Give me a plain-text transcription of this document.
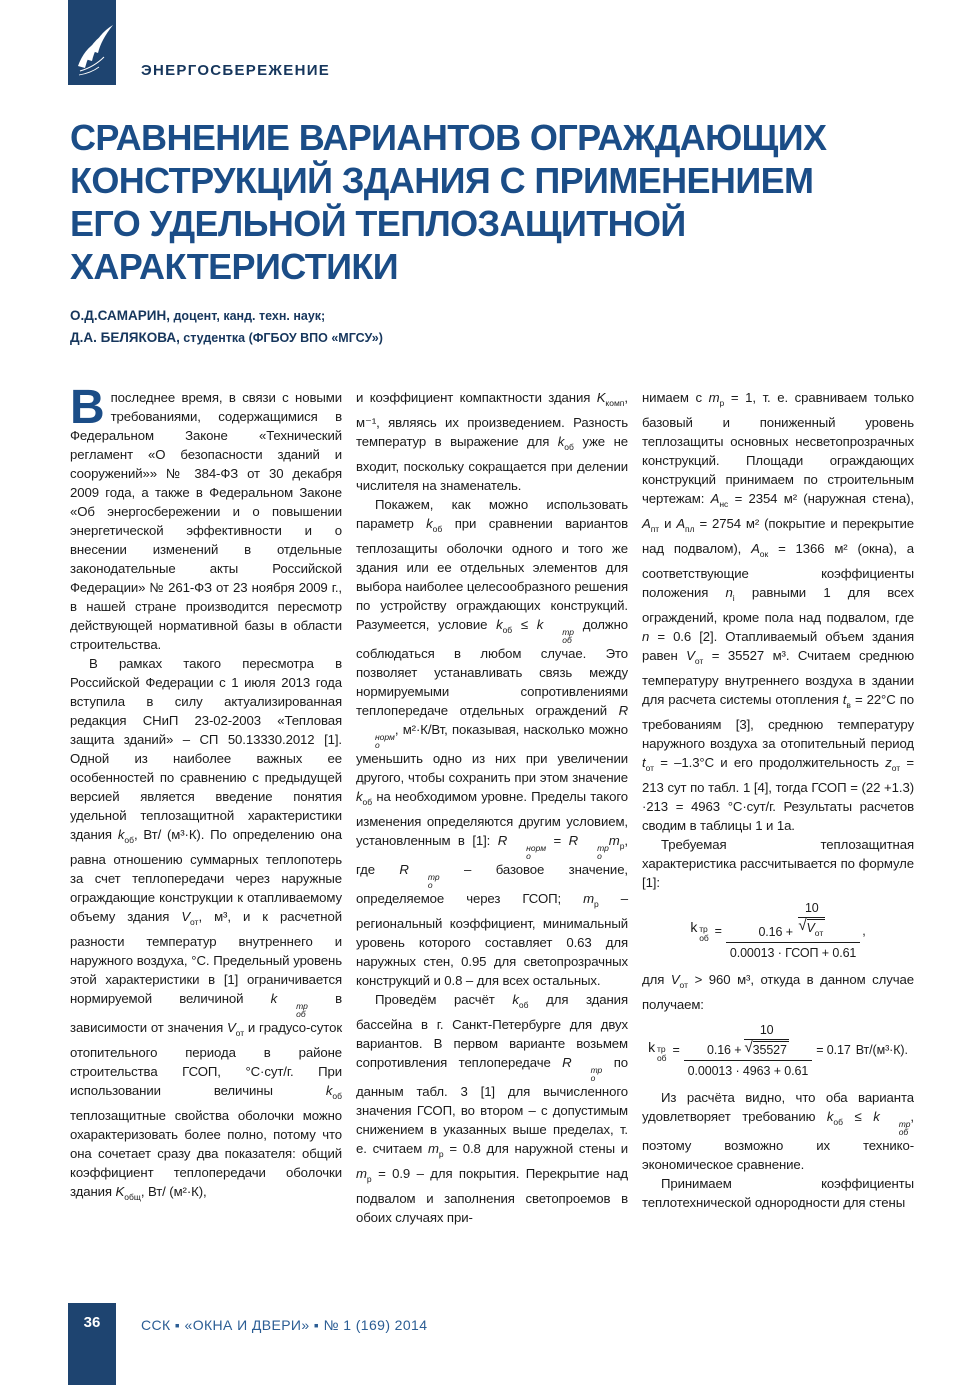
ЭНЕРГОСБЕРЕЖЕНИЕ
СРАВНЕНИЕ ВАРИАНТОВ ОГРАЖДАЮЩИХ
КОНСТРУКЦИЙ ЗДАНИЯ С ПРИМЕНЕНИЕМ
ЕГО УДЕЛЬНОЙ ТЕПЛОЗАЩИТНОЙ
ХАРАКТЕРИСТИКИ
О.Д.САМАРИН, доцент, канд. техн. наук;
Д.А. БЕЛЯКОВА, студентка (ФГБОУ ВПО «МГСУ»)

Впоследнее время, в связи с новыми требованиями, содержащимися в Федеральном Законе «Технический регламент «О безопасности зданий и сооружений»» № 384-ФЗ от 30 декабря 2009 года, а также в Федеральном Законе «Об энергосбережении и о повышении энергетической эффективности и о внесении изменений в отдельные законодательные акты Российской Федерации» № 261-ФЗ от 23 ноября 2009 г., в нашей стране производится пересмотр действующей нормативной базы в области строительства.

В рамках такого пересмотра в Российской Федерации с 1 июля 2013 года вступила в силу актуализированная редакция СНиП 23-02-2003 «Тепловая защита зданий» – СП 50.13330.2012 [1]. Одной из наиболее важных ее особенностей по сравнению с предыдущей версией является введение понятия удельной теплозащитной характеристики здания $k_{об}$, Вт/ (м³·К). По определению она равна отношению суммарных теплопотерь за счет теплопередачи через наружные ограждающие конструкции к отапливаемому объему здания $V_{от}$, м³, и к расчетной разности температур внутреннего и наружного воздуха, °С. Предельный уровень этой характеристики в [1] ограничивается нормируемой величиной k	тр
об
в зависимости от значения $V_{от}$ и градусо-суток отопительного периода в районе строительства ГСОП, °С·сут/г. При использовании величины $k_{об}$ теплозащитные свойства оболочки можно охарактеризовать более полно, потому что она сочетает сразу два показателя: общий коэффициент теплопередачи оболочки здания $K_{общ}$, Вт/ (м²·К),

и коэффициент компактности здания $K_{комп}$, м⁻¹, являясь их произведением. Разность температур в выражение для $k_{об}$ уже не входит, поскольку сокращается при делении числителя на знаменатель.

Покажем, как можно использовать параметр $k_{об}$ при сравнении вариантов теплозащиты оболочки одного и того же здания или ее отдельных элементов для выбора наиболее целесообразного решения по устройству ограждающих конструкций. Разумеется, условие $k_{об} \le k$	тр
об
должно соблюдаться в любом случае. Это позволяет устанавливать связь между нормируемыми сопротивлениями теплопередаче отдельных ограждений R
норм
о
, м²·К/Вт, показывая, насколько можно уменьшить одно из них при увеличении другого, чтобы сохранить при этом значение $k_{об}$ на необходимом уровне. Пределы такого изменения определяются другим условием, установленным в [1]: R	норм
о
= R	тр
о
$m_р$, где R	тр
о
– базовое значение, определяемое через ГСОП; $m_р$ – региональный коэффициент, минимальный уровень которого составляет 0.63 для наружных стен, 0.95 для светопрозрачных конструкций и 0.8 – для всех остальных.

Проведём расчёт $k_{об}$ для здания бассейна в г. Санкт-Петербурге для двух вариантов. В первом варианте возьмем сопротивления теплопередаче R	тр
о
по данным табл. 3 [1] для вычисленного значения ГСОП, во втором – с допустимым снижением в указанных выше пределах, т. е. считаем $m_р = 0.8$ для наружной стены и $m_р = 0.9$ – для покрытия. Перекрытие над подвалом и заполнения светопроемов в обоих случаях при-

нимаем с $m_р = 1$, т. е. сравниваем только базовый и пониженный уровень теплозащиты основных несветопрозрачных конструкций. Площади ограждающих конструкций принимаем по строительным чертежам: $A_{нс} = 2354$ м² (наружная стена), $A_{пт}$ и $A_{пл} = 2754$ м² (покрытие и перекрытие над подвалом), $A_{ок} = 1366$ м² (окна), а соответствующие коэффициенты положения $n_i$ равными 1 для всех ограждений, кроме пола над подвалом, где n = 0.6 [2]. Отапливаемый объем здания равен $V_{от} = 35527$ м³. Считаем среднюю температуру внутреннего воздуха в здании для расчета системы отопления $t_в = 22^\circ С$ по требованиям [3], среднюю температуру наружного воздуха за отопительный период $t_{от} = -1.3^\circ С$ и его продолжительность $z_{от} = 213$ сут по табл. 1 [4], тогда ГСОП = (22 +1.3) ·213 = 4963 °С·сут/г. Результаты расчетов сводим в таблицы 1 и 1а.

Требуемая теплозащитная характеристика рассчитывается по формуле [1]:

k тр
об
= 0.16 +
10
√ $V_{от}$
0.00013 · ГСОП + 0.61 ,

для $V_{от} > 960$ м³, откуда в данном случае получаем:

k тр
об
= $\frac{0.16 + \frac{10}{√ 35527}}{0.00013 \cdot 4963 + 0.61} = 0.17$ Вт/(м³·К).

Из расчёта видно, что оба варианта удовлетворяет требованию $k_{об} \le k$	тр
об
, поэтому возможно их технико-экономическое сравнение.

Принимаем коэффициенты теплотехнической однородности для стены

36	ССК ▪ «ОКНА И ДВЕРИ» ▪ № 1 (169) 2014
